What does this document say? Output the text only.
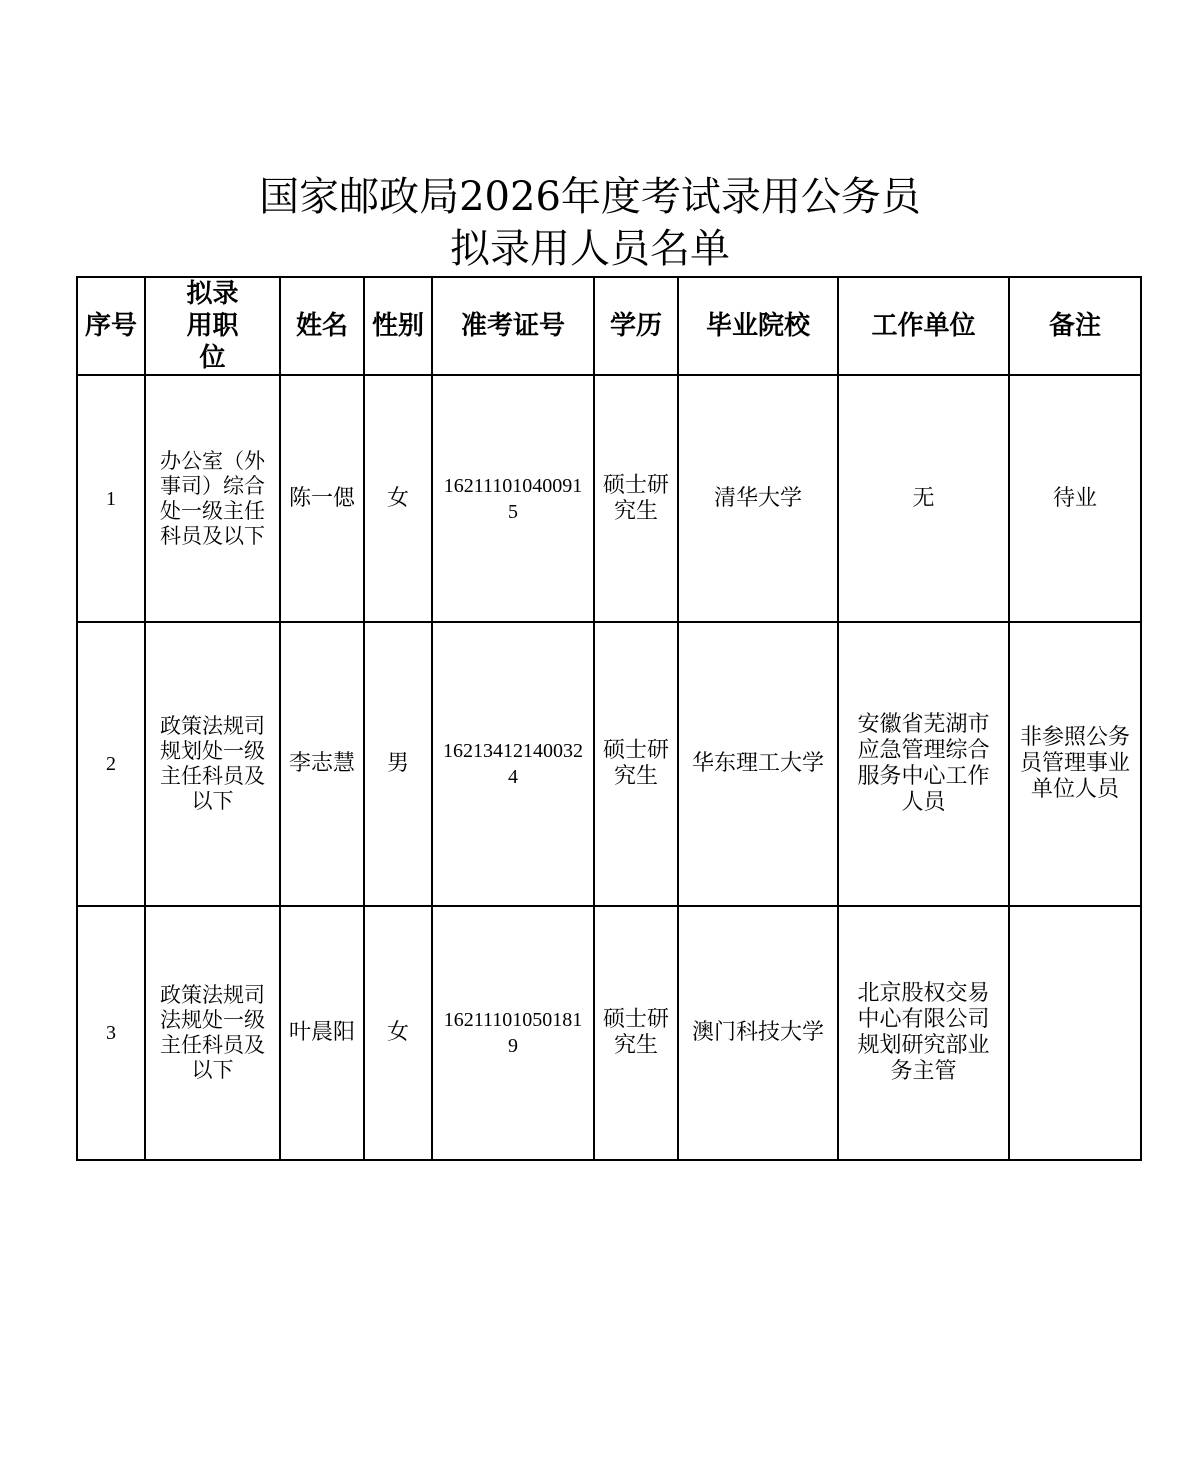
国家邮政局2026年度考试录用公务员
拟录用人员名单
序号	拟录用职位	姓名	性别	准考证号	学历	毕业院校	工作单位	备注
1	办公室（外事司）综合处一级主任科员及以下	陈一偲	女	162111010400915	硕士研究生	清华大学	无	待业
2	政策法规司规划处一级主任科员及以下	李志慧	男	162134121400324	硕士研究生	华东理工大学	安徽省芜湖市应急管理综合服务中心工作人员	非参照公务员管理事业单位人员
3	政策法规司法规处一级主任科员及以下	叶晨阳	女	162111010501819	硕士研究生	澳门科技大学	北京股权交易中心有限公司规划研究部业务主管	
